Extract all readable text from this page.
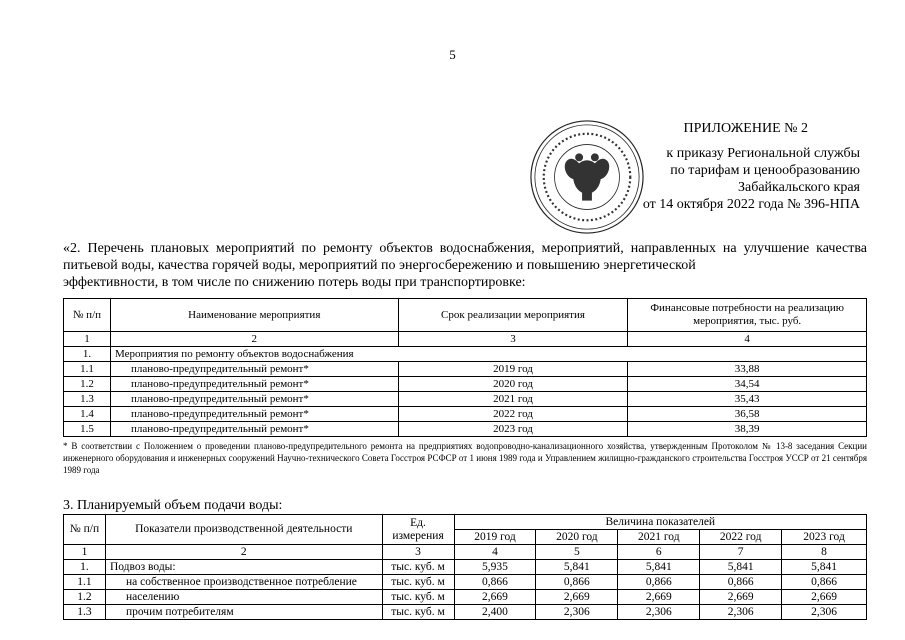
5
ПРИЛОЖЕНИЕ № 2
к приказу Региональной службы
по тарифам и ценообразованию
Забайкальского края
от 14 октября 2022 года № 396-НПА
«2. Перечень плановых мероприятий по ремонту объектов водоснабжения, мероприятий, направленных на улучшение качества питьевой воды, качества горячей воды, мероприятий по энергосбережению и повышению энергетической
эффективности, в том числе по снижению потерь воды при транспортировке:
№ п/п	Наименование мероприятия	Срок реализации мероприятия	Финансовые потребности на реализацию мероприятия, тыс. руб.
1	2	3	4
1.	Мероприятия по ремонту объектов водоснабжения		
1.1	планово-предупредительный ремонт*	2019 год	33,88
1.2	планово-предупредительный ремонт*	2020 год	34,54
1.3	планово-предупредительный ремонт*	2021 год	35,43
1.4	планово-предупредительный ремонт*	2022 год	36,58
1.5	планово-предупредительный ремонт*	2023 год	38,39
* В соответствии с Положением о проведении планово-предупредительного ремонта на предприятиях водопроводно-канализационного хозяйства, утвержденным Протоколом № 13-8 заседания Секции инженерного оборудования и инженерных сооружений Научно-технического Совета Госстроя РСФСР от 1 июня 1989 года и Управлением жилищно-гражданского строительства Госстроя УССР от 21 сентября 1989 года
3. Планируемый объем подачи воды:
№ п/п	Показатели производственной деятельности	Ед. измерения	Величина показателей				
			2019 год	2020 год	2021 год	2022 год	2023 год
1	2	3	4	5	6	7	8
1.	Подвоз воды:	тыс. куб. м	5,935	5,841	5,841	5,841	5,841
1.1	на собственное производственное потребление	тыс. куб. м	0,866	0,866	0,866	0,866	0,866
1.2	населению	тыс. куб. м	2,669	2,669	2,669	2,669	2,669
1.3	прочим потребителям	тыс. куб. м	2,400	2,306	2,306	2,306	2,306
